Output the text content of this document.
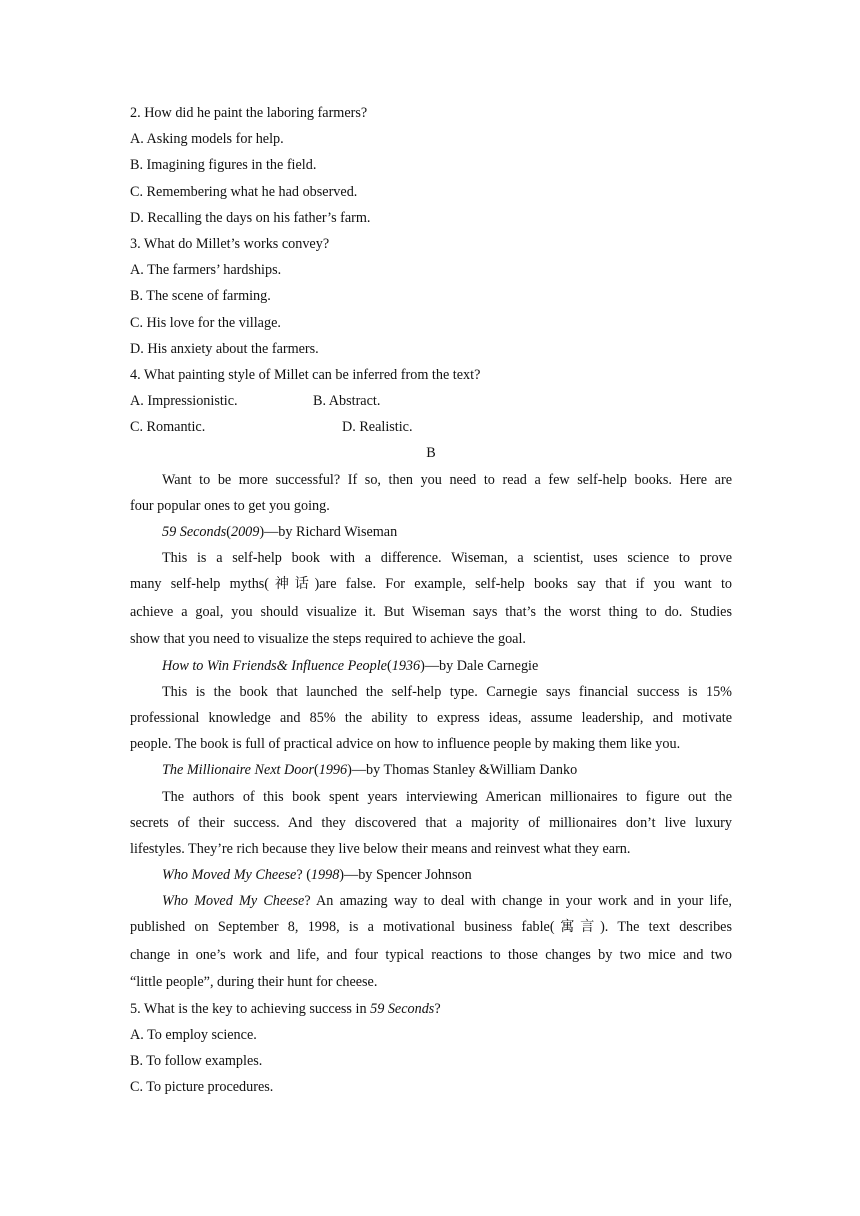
2. How did he paint the laboring farmers?
A. Asking models for help.
B. Imagining figures in the field.
C. Remembering what he had observed.
D. Recalling the days on his father’s farm.
3. What do Millet’s works convey?
A. The farmers’ hardships.
B. The scene of farming.
C. His love for the village.
D. His anxiety about the farmers.
4. What painting style of Millet can be inferred from the text?
A. Impressionistic.	B. Abstract.
C. Romantic.	D. Realistic.
B
Want to be more successful? If so, then you need to read a few self-help books. Here are
four popular ones to get you going.
59 Seconds(2009)—by Richard Wiseman
This is a self-help book with a difference. Wiseman, a scientist, uses science to prove
many self-help myths(神话)are false. For example, self-help books say that if you want to
achieve a goal, you should visualize it. But Wiseman says that’s the worst thing to do. Studies
show that you need to visualize the steps required to achieve the goal.
How to Win Friends& Influence People(1936)—by Dale Carnegie
This is the book that launched the self-help type. Carnegie says financial success is 15%
professional knowledge and 85% the ability to express ideas, assume leadership, and motivate
people. The book is full of practical advice on how to influence people by making them like you.
The Millionaire Next Door(1996)—by Thomas Stanley &William Danko
The authors of this book spent years interviewing American millionaires to figure out the
secrets of their success. And they discovered that a majority of millionaires don’t live luxury
lifestyles. They’re rich because they live below their means and reinvest what they earn.
Who Moved My Cheese? (1998)—by Spencer Johnson
Who Moved My Cheese? An amazing way to deal with change in your work and in your life,
published on September 8, 1998, is a motivational business fable(寓言). The text describes
change in one’s work and life, and four typical reactions to those changes by two mice and two
“little people”, during their hunt for cheese.
5. What is the key to achieving success in 59 Seconds?
A. To employ science.
B. To follow examples.
C. To picture procedures.
